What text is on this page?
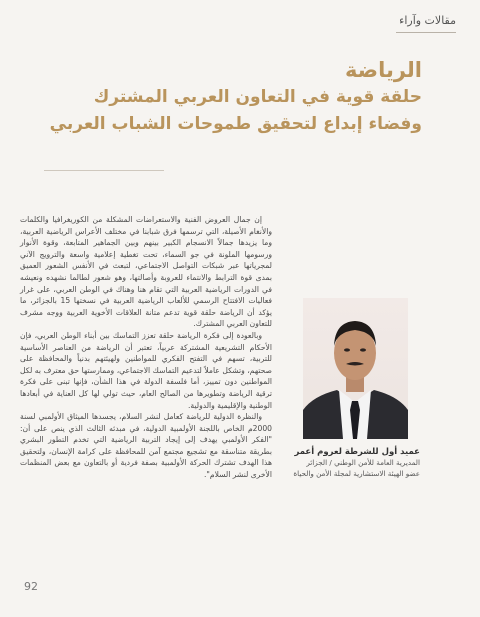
مقالات وآراء
الرياضة
حلقة قوية في التعاون العربي المشترك
وفضاء إبداع لتحقيق طموحات الشباب العربي
عميد أول للشرطة لعروم أعمر
المديرية العامة للأمن الوطني / الجزائر
عضو الهيئة الاستشارية لمجلة الأمن والحياة

إن جمال العروض الفنية والاستعراضات المشكلة من الكوريغرافيا والكلمات والأنغام الأصيلة، التي ترسمها فرق شبابنا في مختلف الأعراس الرياضية العربية، وما يزيدها جمالاً الانسجام الكبير بينهم وبين الجماهير المتابعة، وقوة الأنوار ورسومها الملونة في جو السماء، تحت تغطية إعلامية واسعة والترويج الآني لمجرياتها عبر شبكات التواصل الاجتماعي، لتبعث في الأنفس الشعور العميق بمدى قوة الترابط والانتماء للعروبة وأصالتها، وهو شعور لطالما نشهده ونعيشه في الدورات الرياضية العربية التي تقام هنا وهناك في الوطن العربي، على غرار فعاليات الافتتاح الرسمي للألعاب الرياضية العربية في نسختها 15 بالجزائر، ما يؤكد أن الرياضة حلقة قوية تدعم متانة العلاقات الأخوية العربية ووجه مشرف للتعاون العربي المشترك.

وبالعودة إلى فكرة الرياضة حلقة تعزز التماسك بين أبناء الوطن العربي، فإن الأحكام التشريعية المشتركة عربياً، تعتبر أن الرياضة من العناصر الأساسية للتربية، تسهم في التفتح الفكري للمواطنين ولهيئتهم بدنياً والمحافظة على صحتهم، وتشكل عاملاً لتدعيم التماسك الاجتماعي، وممارستها حق معترف به لكل المواطنين دون تمييز، أما فلسفة الدولة في هذا الشأن، فإنها تبنى على فكرة ترقية الرياضة وتطويرها من الصالح العام، حيث تولي لها كل العناية في أبعادها الوطنية والإقليمية والدولية.

والنظرة الدولية للرياضة كعامل لنشر السلام، يجسدها الميثاق الأولمبي لسنة 2000م الخاص باللجنة الأولمبية الدولية، في مبدئه الثالث الذي ينص على أن: "الفكر الأولمبي يهدف إلى إيجاد التربية الرياضية التي تخدم التطور البشري بطريقة متناسقة مع تشجيع مجتمع آمن للمحافظة على كرامة الإنسان، ولتحقيق هذا الهدف تشترك الحركة الأولمبية بصفة فردية أو بالتعاون مع بعض المنظمات الأخرى لنشر السلام".

92
